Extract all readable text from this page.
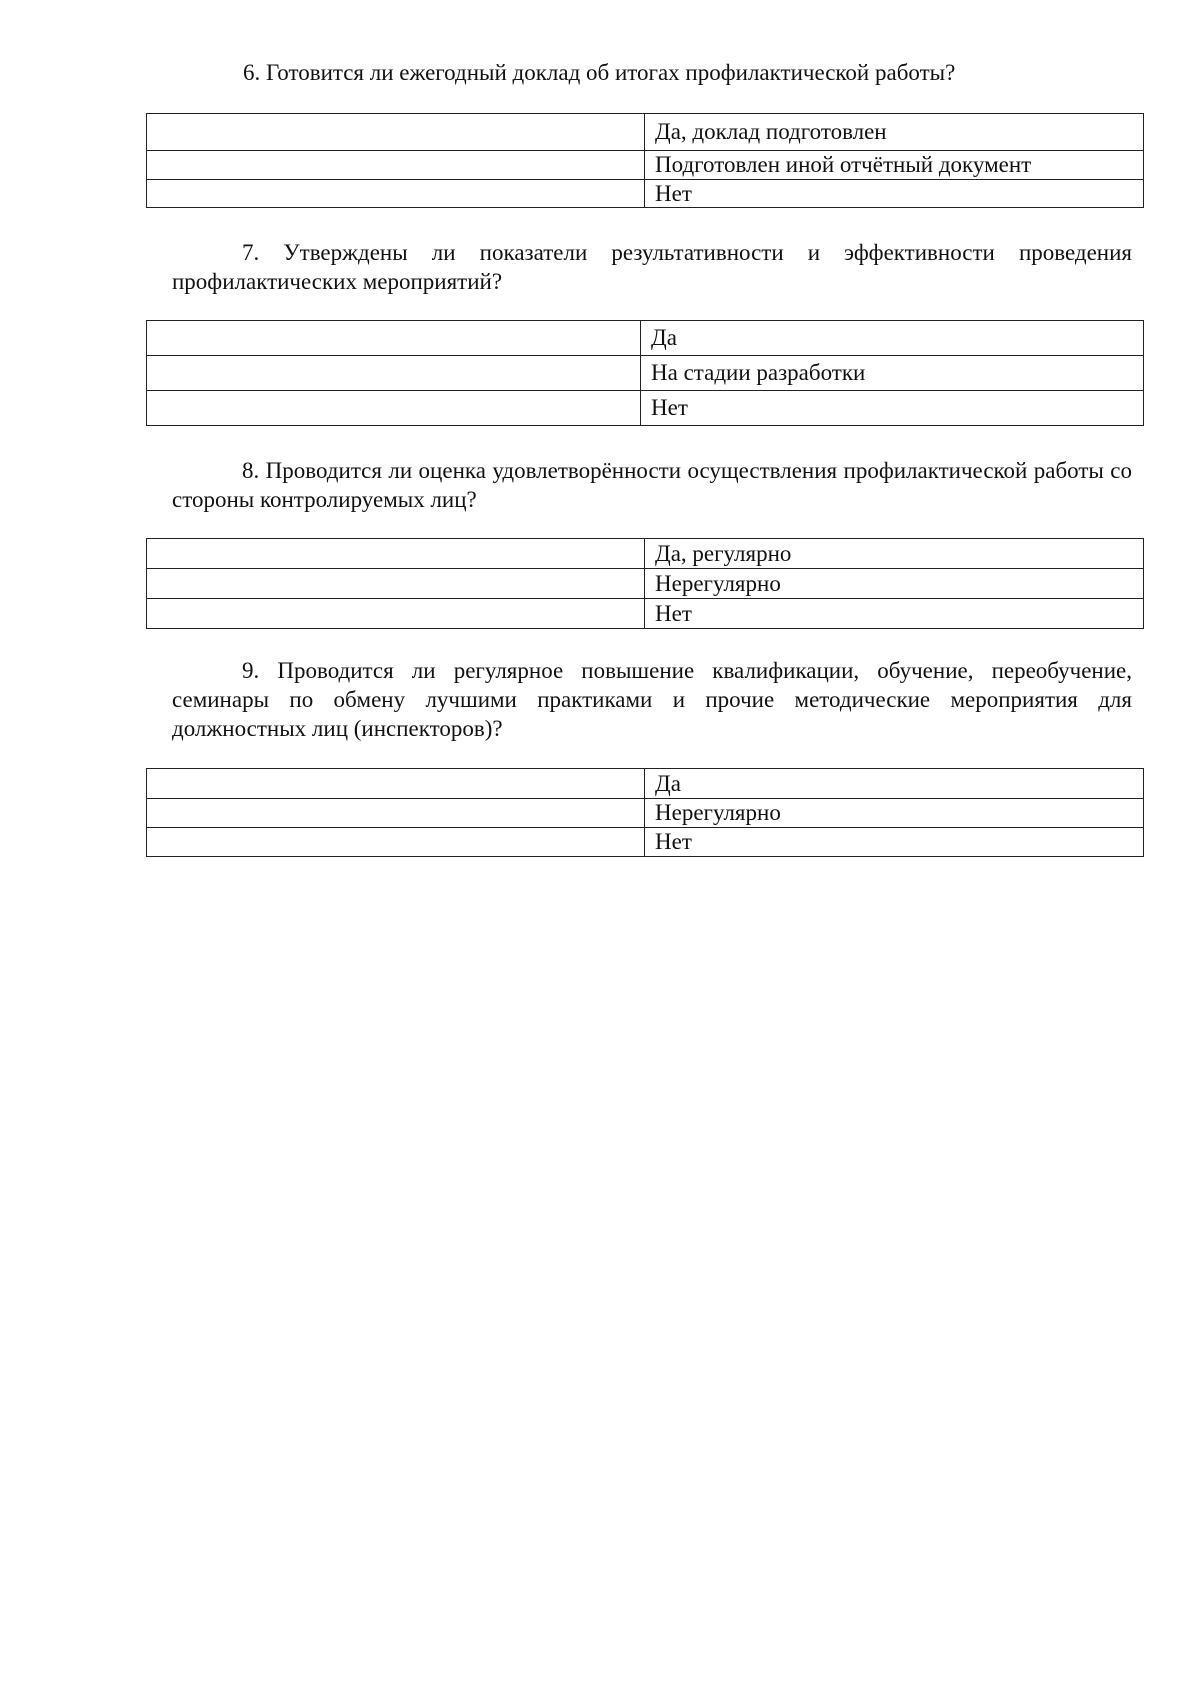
6. Готовится ли ежегодный доклад об итогах профилактической работы?

	Да, доклад подготовлен
	Подготовлен иной отчётный документ
	Нет

7. Утверждены ли показатели результативности и эффективности проведения профилактических мероприятий?

	Да
	На стадии разработки
	Нет

8. Проводится ли оценка удовлетворённости осуществления профилактической работы со стороны контролируемых лиц?

	Да, регулярно
	Нерегулярно
	Нет

9. Проводится ли регулярное повышение квалификации, обучение, переобучение, семинары по обмену лучшими практиками и прочие методические мероприятия для должностных лиц (инспекторов)?

	Да
	Нерегулярно
	Нет
